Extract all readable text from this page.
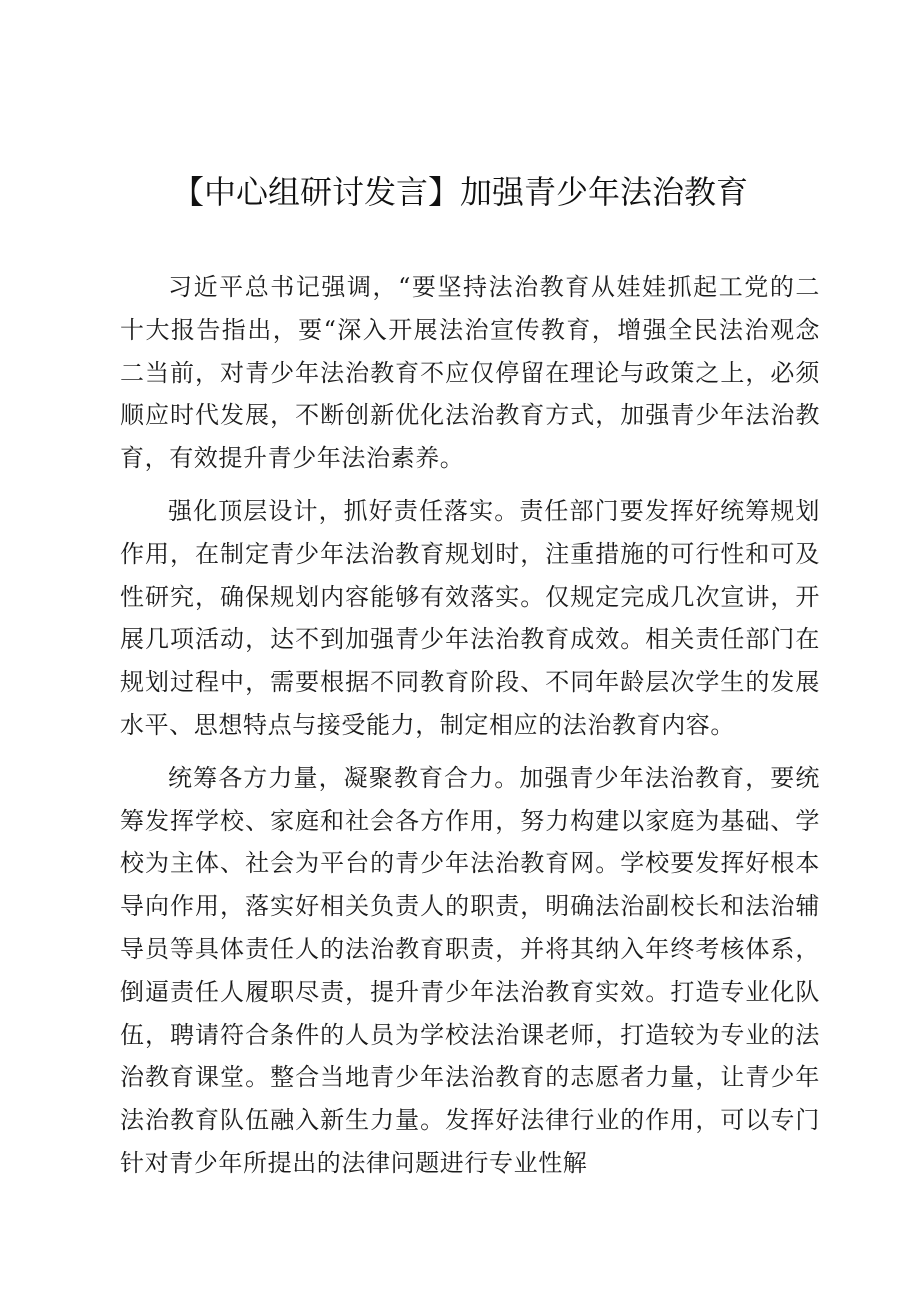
【中心组研讨发言】加强青少年法治教育

习近平总书记强调，“要坚持法治教育从娃娃抓起工党的二十大报告指出，要“深入开展法治宣传教育，增强全民法治观念二当前，对青少年法治教育不应仅停留在理论与政策之上，必须顺应时代发展，不断创新优化法治教育方式，加强青少年法治教育，有效提升青少年法治素养。

强化顶层设计，抓好责任落实。责任部门要发挥好统筹规划作用，在制定青少年法治教育规划时，注重措施的可行性和可及性研究，确保规划内容能够有效落实。仅规定完成几次宣讲，开展几项活动，达不到加强青少年法治教育成效。相关责任部门在规划过程中，需要根据不同教育阶段、不同年龄层次学生的发展水平、思想特点与接受能力，制定相应的法治教育内容。

统筹各方力量，凝聚教育合力。加强青少年法治教育，要统筹发挥学校、家庭和社会各方作用，努力构建以家庭为基础、学校为主体、社会为平台的青少年法治教育网。学校要发挥好根本导向作用，落实好相关负责人的职责，明确法治副校长和法治辅导员等具体责任人的法治教育职责，并将其纳入年终考核体系，倒逼责任人履职尽责，提升青少年法治教育实效。打造专业化队伍，聘请符合条件的人员为学校法治课老师，打造较为专业的法治教育课堂。整合当地青少年法治教育的志愿者力量，让青少年法治教育队伍融入新生力量。发挥好法律行业的作用，可以专门针对青少年所提出的法律问题进行专业性解
